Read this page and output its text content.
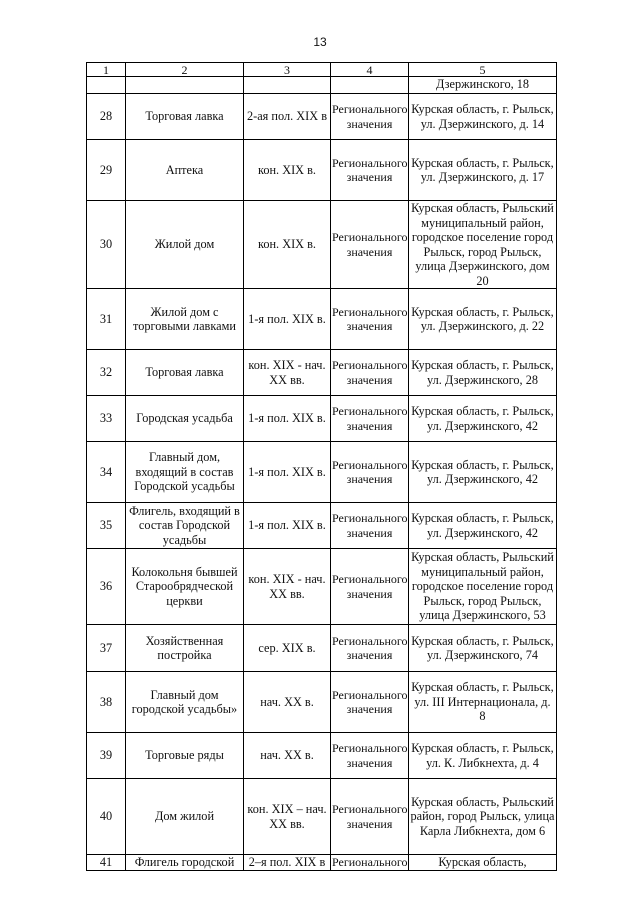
13
1	2	3	4	5
				Дзержинского, 18
28	Торговая лавка	2-ая пол. XIX в	Регионального значения	Курская область, г. Рыльск, ул. Дзержинского, д. 14
29	Аптека	кон. XIX в.	Регионального значения	Курская область, г. Рыльск, ул. Дзержинского, д. 17
30	Жилой дом	кон. XIX в.	Регионального значения	Курская область, Рыльский муниципальный район, городское поселение город Рыльск, город Рыльск, улица Дзержинского, дом 20
31	Жилой дом с торговыми лавками	1-я пол. XIX в.	Регионального значения	Курская область, г. Рыльск, ул. Дзержинского, д. 22
32	Торговая лавка	кон. XIX - нач. XX вв.	Регионального значения	Курская область, г. Рыльск, ул. Дзержинского, 28
33	Городская усадьба	1-я пол. XIX в.	Регионального значения	Курская область, г. Рыльск, ул. Дзержинского, 42
34	Главный дом, входящий в состав Городской усадьбы	1-я пол. XIX в.	Регионального значения	Курская область, г. Рыльск, ул. Дзержинского, 42
35	Флигель, входящий в состав Городской усадьбы	1-я пол. XIX в.	Регионального значения	Курская область, г. Рыльск, ул. Дзержинского, 42
36	Колокольня бывшей Старообрядческой церкви	кон. XIX - нач. XX вв.	Регионального значения	Курская область, Рыльский муниципальный район, городское поселение город Рыльск, город Рыльск, улица Дзержинского, 53
37	Хозяйственная постройка	сер. XIX в.	Регионального значения	Курская область, г. Рыльск, ул. Дзержинского, 74
38	Главный дом городской усадьбы»	нач. XX в.	Регионального значения	Курская область, г. Рыльск, ул. III Интернационала, д. 8
39	Торговые ряды	нач. XX в.	Регионального значения	Курская область, г. Рыльск, ул. К. Либкнехта, д. 4
40	Дом жилой	кон. XIX – нач. XX вв.	Регионального значения	Курская область, Рыльский район, город Рыльск, улица Карла Либкнехта, дом 6
41	Флигель городской	2–я пол. XIX в	Регионального	Курская область,
